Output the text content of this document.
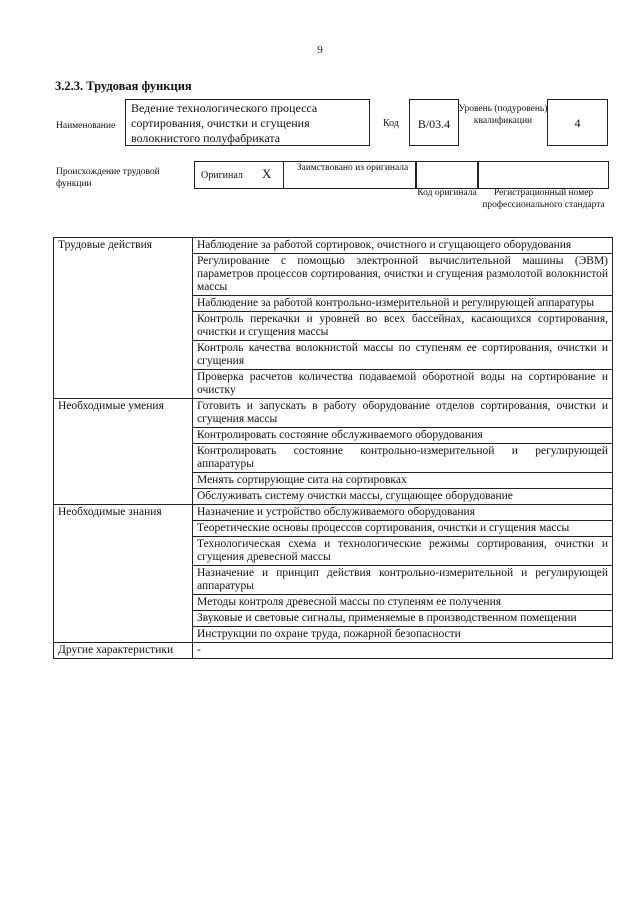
9
3.2.3. Трудовая функция
Наименование
Ведение технологического процесса сортирования, очистки и сгущения волокнистого полуфабриката
Код	B/03.4
Уровень (подуровень) квалификации	4
Происхождение трудовой функции
Оригинал X	Заимствовано из оригинала
Код оригинала	Регистрационный номер профессионального стандарта
Трудовые действия	Наблюдение за работой сортировок, очистного и сгущающего оборудования
	Регулирование с помощью электронной вычислительной машины (ЭВМ) параметров процессов сортирования, очистки и сгущения размолотой волокнистой массы
	Наблюдение за работой контрольно-измерительной и регулирующей аппаратуры
	Контроль перекачки и уровней во всех бассейнах, касающихся сортирования, очистки и сгущения массы
	Контроль качества волокнистой массы по ступеням ее сортирования, очистки и сгущения
	Проверка расчетов количества подаваемой оборотной воды на сортирование и очистку
Необходимые умения	Готовить и запускать в работу оборудование отделов сортирования, очистки и сгущения массы
	Контролировать состояние обслуживаемого оборудования
	Контролировать состояние контрольно-измерительной и регулирующей аппаратуры
	Менять сортирующие сита на сортировках
	Обслуживать систему очистки массы, сгущающее оборудование
Необходимые знания	Назначение и устройство обслуживаемого оборудования
	Теоретические основы процессов сортирования, очистки и сгущения массы
	Технологическая схема и технологические режимы сортирования, очистки и сгущения древесной массы
	Назначение и принцип действия контрольно-измерительной и регулирующей аппаратуры
	Методы контроля древесной массы по ступеням ее получения
	Звуковые и световые сигналы, применяемые в производственном помещении
	Инструкции по охране труда, пожарной безопасности
Другие характеристики	-
